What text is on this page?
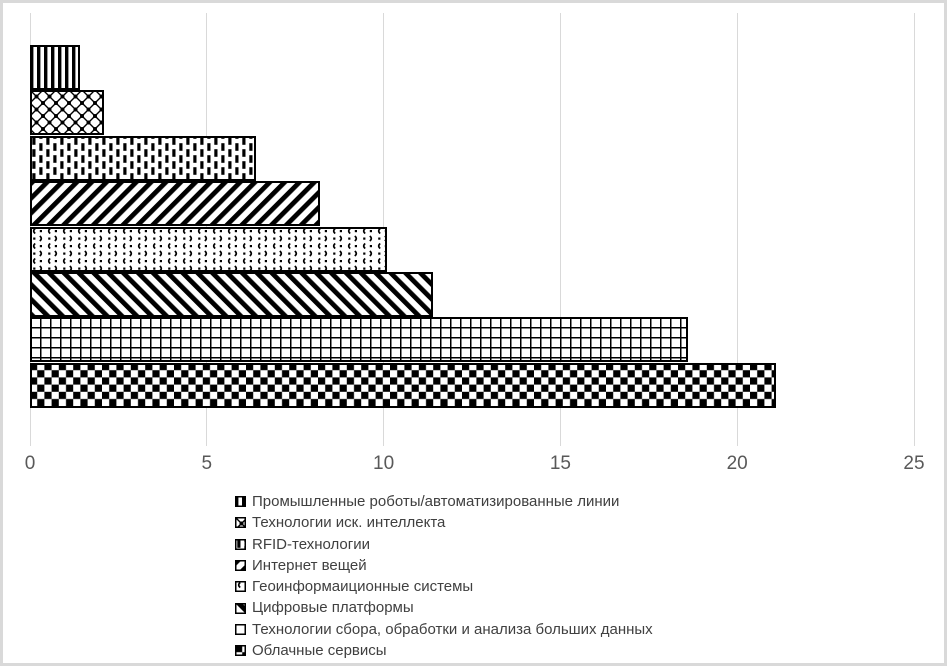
0	5	10	15	20	25
Промышленные роботы/автоматизированные линии
Технологии иск. интеллекта
RFID-технологии
Интернет вещей
Геоинформаиционные системы
Цифровые платформы
Технологии сбора, обработки и анализа больших данных
Облачные сервисы
